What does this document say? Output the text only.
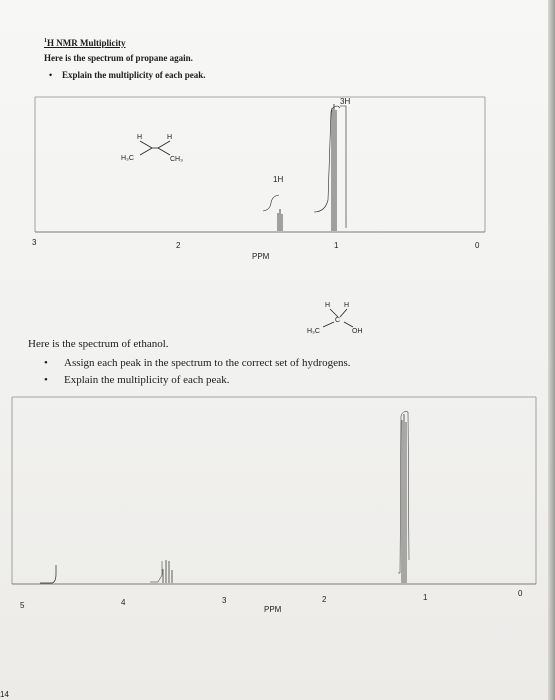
$^1$H NMR Multiplicity
Here is the spectrum of propane again.
• Explain the multiplicity of each peak.
H	H
H₃C	CH₃
1H
3H
3	2	1	0
PPM
H H
C
H₃C	OH
5	4	3	2	1	0
PPM
Here is the spectrum of ethanol.
• Assign each peak in the spectrum to the correct set of hydrogens.
• Explain the multiplicity of each peak.
14
